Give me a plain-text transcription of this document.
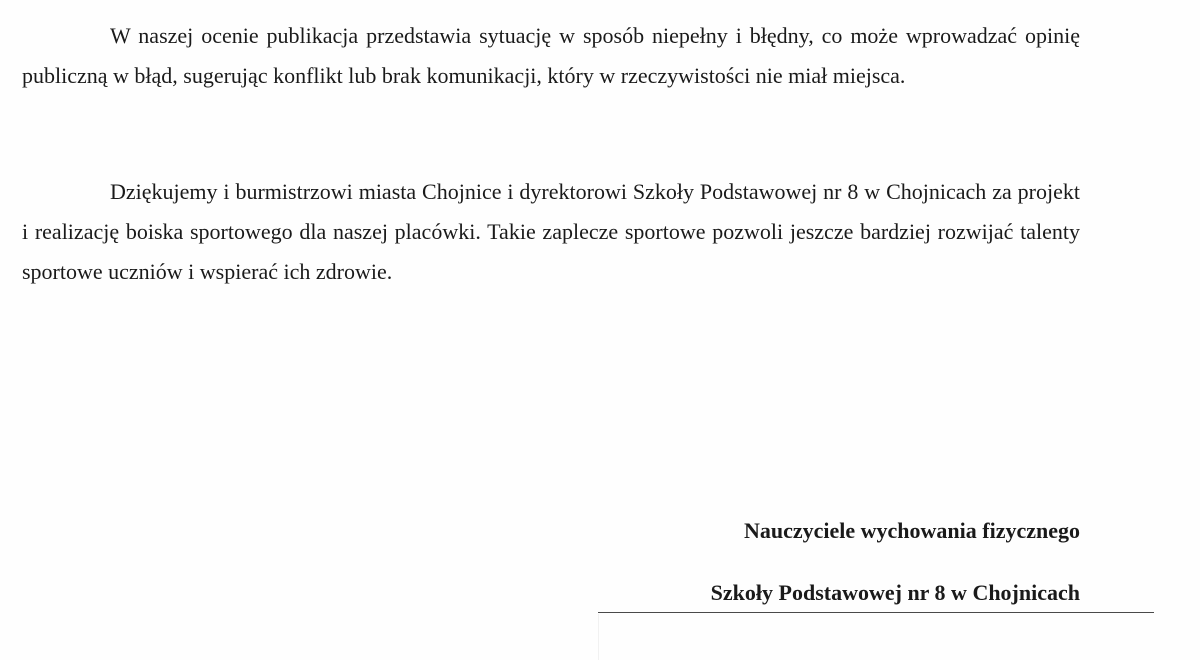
W naszej ocenie publikacja przedstawia sytuację w sposób niepełny i błędny, co może wprowadzać opinię publiczną w błąd, sugerując konflikt lub brak komunikacji, który w rzeczywistości nie miał miejsca.

Dziękujemy i burmistrzowi miasta Chojnice i dyrektorowi Szkoły Podstawowej nr 8 w Chojnicach za projekt i realizację boiska sportowego dla naszej placówki. Takie zaplecze sportowe pozwoli jeszcze bardziej rozwijać talenty sportowe uczniów i wspierać ich zdrowie.

Nauczyciele wychowania fizycznego

Szkoły Podstawowej nr 8 w Chojnicach
